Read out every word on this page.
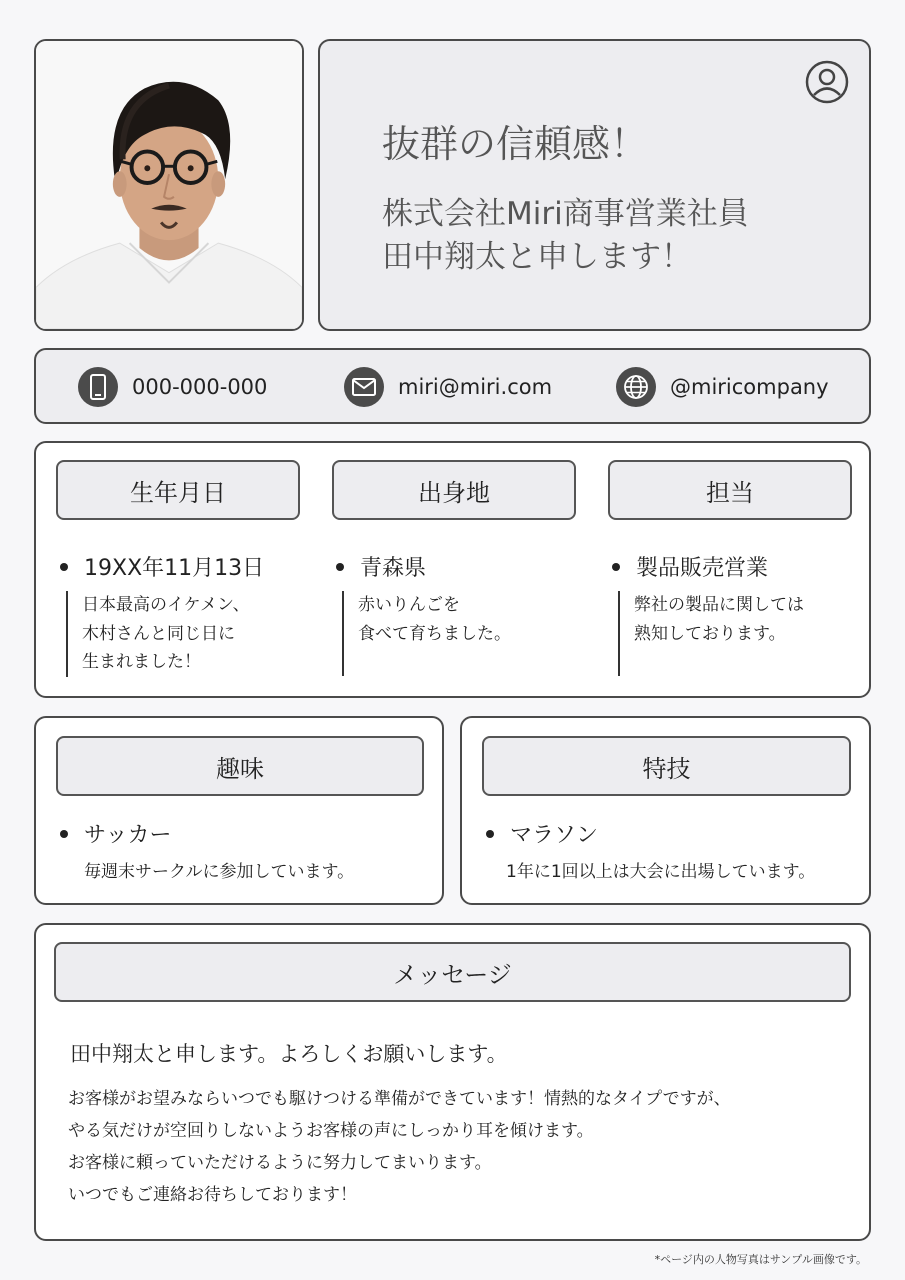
抜群の信頼感！
株式会社Miri商事営業社員
田中翔太と申します！
000-000-000	miri@miri.com	@miricompany
生年月日	出身地	担当
19XX年11月13日	青森県	製品販売営業
日本最高のイケメン、
木村さんと同じ日に
生まれました！
赤いりんごを
食べて育ちました。
弊社の製品に関しては
熟知しております。
趣味
サッカー
毎週末サークルに参加しています。
特技
マラソン
1年に1回以上は大会に出場しています。
メッセージ
田中翔太と申します。よろしくお願いします。
お客様がお望みならいつでも駆けつける準備ができています！情熱的なタイプですが、
やる気だけが空回りしないようお客様の声にしっかり耳を傾けます。
お客様に頼っていただけるように努力してまいります。
いつでもご連絡お待ちしております！
*ページ内の人物写真はサンプル画像です。
